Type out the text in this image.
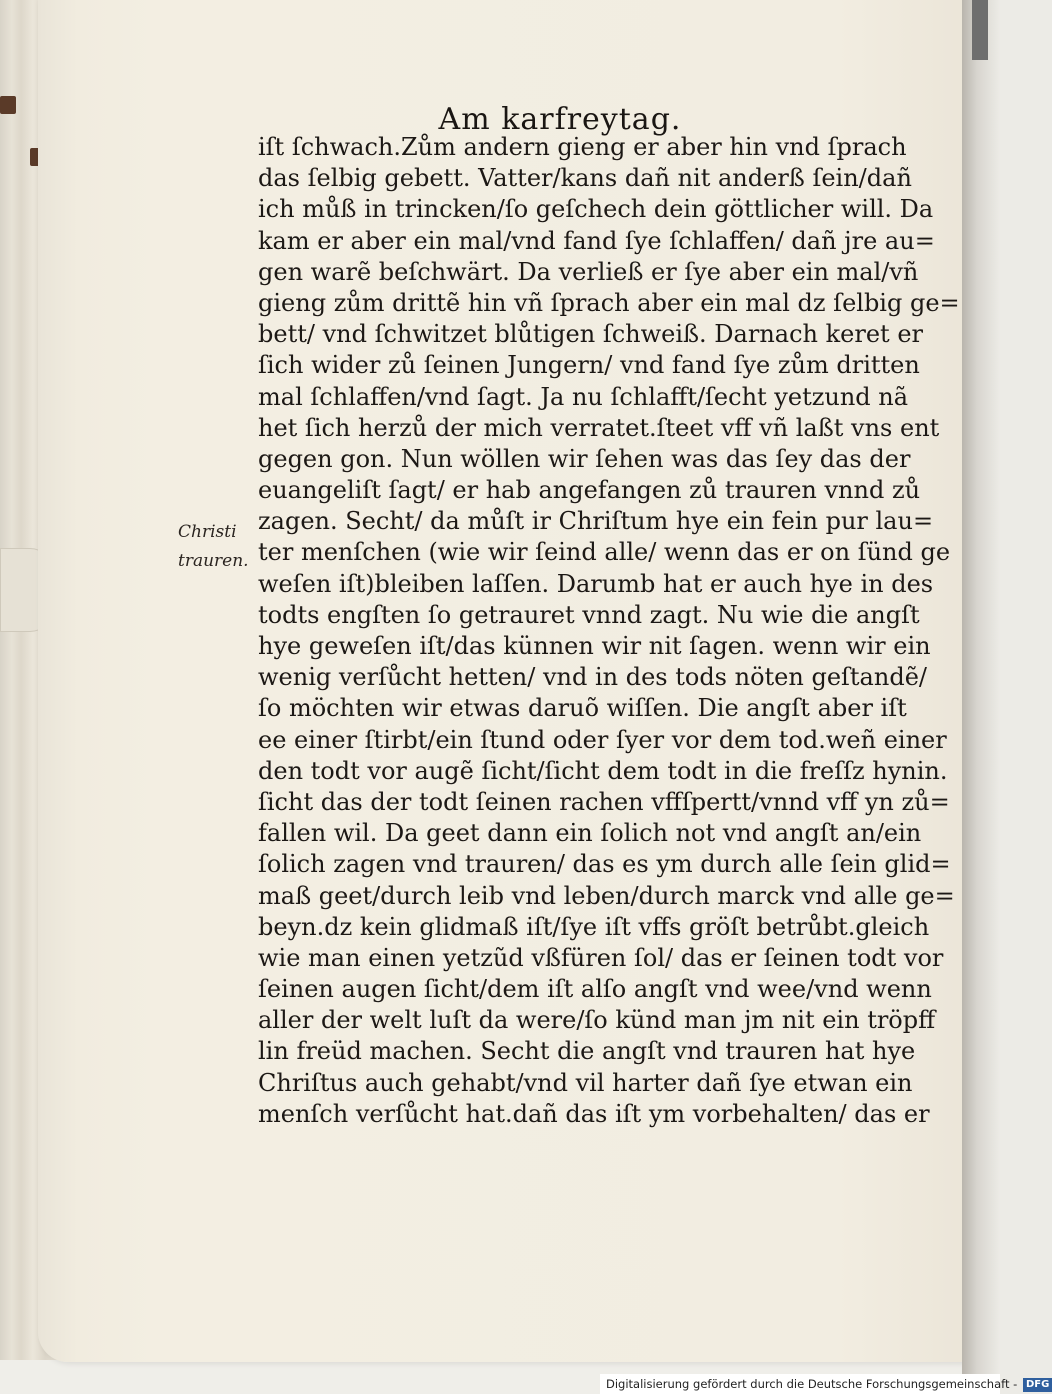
Am karfreytag.
Christi
trauren.
iſt ſchwach.Zům andern gieng er aber hin vnd ſprach
das ſelbig gebett. Vatter/kans dañ nit anderß ſein/dañ
ich můß in trincken/ſo geſchech dein göttlicher will. Da
kam er aber ein mal/vnd fand ſye ſchlaffen/ dañ jre au=
gen warẽ beſchwärt. Da verließ er ſye aber ein mal/vñ
gieng zům drittẽ hin vñ ſprach aber ein mal dz ſelbig ge=
bett/ vnd ſchwitzet blůtigen ſchweiß. Darnach keret er
ſich wider zů ſeinen Jungern/ vnd fand ſye zům dritten
mal ſchlaffen/vnd ſagt. Ja nu ſchlafft/ſecht yetzund nã
het ſich herzů der mich verratet.ſteet vff vñ laßt vns ent
gegen gon. Nun wöllen wir ſehen was das ſey das der
euangeliſt ſagt/ er hab angefangen zů trauren vnnd zů
zagen. Secht/ da můſt ir Chriſtum hye ein fein pur lau=
ter menſchen (wie wir ſeind alle/ wenn das er on ſünd ge
weſen iſt)bleiben laſſen. Darumb hat er auch hye in des
todts engſten ſo getrauret vnnd zagt. Nu wie die angſt
hye geweſen iſt/das künnen wir nit ſagen. wenn wir ein
wenig verſůcht hetten/ vnd in des tods nöten geſtandẽ/
ſo möchten wir etwas daruõ wiſſen. Die angſt aber iſt
ee einer ſtirbt/ein ſtund oder ſyer vor dem tod.weñ einer
den todt vor augẽ ſicht/ſicht dem todt in die freſſz hynin.
ſicht das der todt ſeinen rachen vffſpertt/vnnd vff yn zů=
fallen wil. Da geet dann ein ſolich not vnd angſt an/ein
ſolich zagen vnd trauren/ das es ym durch alle ſein glid=
maß geet/durch leib vnd leben/durch marck vnd alle ge=
beyn.dz kein glidmaß iſt/ſye iſt vffs gröſt betrůbt.gleich
wie man einen yetzũd vßfüren ſol/ das er ſeinen todt vor
ſeinen augen ſicht/dem iſt alſo angſt vnd wee/vnd wenn
aller der welt luſt da were/ſo künd man jm nit ein tröpff
lin freüd machen. Secht die angſt vnd trauren hat hye
Chriſtus auch gehabt/vnd vil harter dañ ſye etwan ein
menſch verſůcht hat.dañ das iſt ym vorbehalten/ das er
Digitalisierung gefördert durch die Deutsche Forschungsgemeinschaft - DFG
